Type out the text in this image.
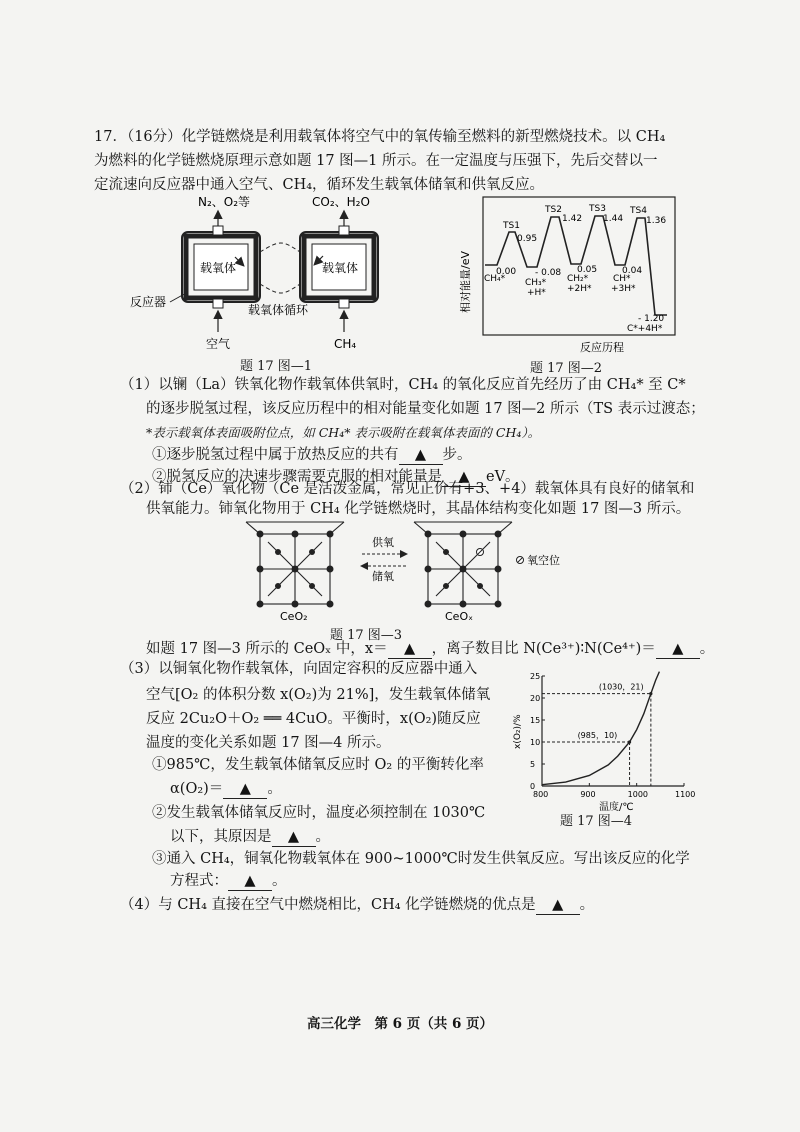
17．（16分）化学链燃烧是利用载氧体将空气中的氧传输至燃料的新型燃烧技术。以 CH₄
为燃料的化学链燃烧原理示意如题 17 图—1 所示。在一定温度与压强下，先后交替以一
定流速向反应器中通入空气、CH₄，循环发生载氧体储氧和供氧反应。
N₂、O₂等	CO₂、H₂O
载氧体	载氧体
反应器
载氧体循环
空气	CH₄
题 17 图—1
相对能量/eV
反应历程
TS1
0.95
TS2
1.42
TS3
1.44
TS4
1.36
0.00 - 0.08 0.05	0.04
- 1.20
CH₄* CH₃*
+H*
CH₂*
+2H*
CH*
+3H*
C*+4H*
题 17 图—2
（1）以镧（La）铁氧化物作载氧体供氧时，CH₄ 的氧化反应首先经历了由 CH₄* 至 C*
的逐步脱氢过程，该反应历程中的相对能量变化如题 17 图—2 所示（TS 表示过渡态；
*表示载氧体表面吸附位点，如 CH₄* 表示吸附在载氧体表面的 CH₄）。
①逐步脱氢过程中属于放热反应的共有 ▲ 步。
②脱氢反应的决速步骤需要克服的相对能量是 ▲ eV。
（2）铈（Ce）氧化物（Ce 是活泼金属，常见正价有+3、+4）载氧体具有良好的储氧和
供氧能力。铈氧化物用于 CH₄ 化学链燃烧时，其晶体结构变化如题 17 图—3 所示。
供氧
储氧
氧空位
CeO₂	CeOₓ
题 17 图—3
如题 17 图—3 所示的 CeOₓ 中，x＝ ▲ ，离子数目比 N(Ce³⁺)∶N(Ce⁴⁺)＝ ▲ 。
（3）以铜氧化物作载氧体，向固定容积的反应器中通入
空气[O₂ 的体积分数 x(O₂)为 21%]，发生载氧体储氧
反应 2Cu₂O＋O₂ ══ 4CuO。平衡时，x(O₂)随反应
温度的变化关系如题 17 图—4 所示。
①985℃，发生载氧体储氧反应时 O₂ 的平衡转化率
α(O₂)＝ ▲ 。
②发生载氧体储氧反应时，温度必须控制在 1030℃
以下，其原因是 ▲ 。
③通入 CH₄，铜氧化物载氧体在 900~1000℃时发生供氧反应。写出该反应的化学
方程式： ▲ 。
800	900	1000	1100
0
5
10
15
20
25
温度/℃
x(O₂)/%
(1030，21)
(985，10)
题 17 图—4
（4）与 CH₄ 直接在空气中燃烧相比，CH₄ 化学链燃烧的优点是 ▲ 。
高三化学　第 6 页（共 6 页）
